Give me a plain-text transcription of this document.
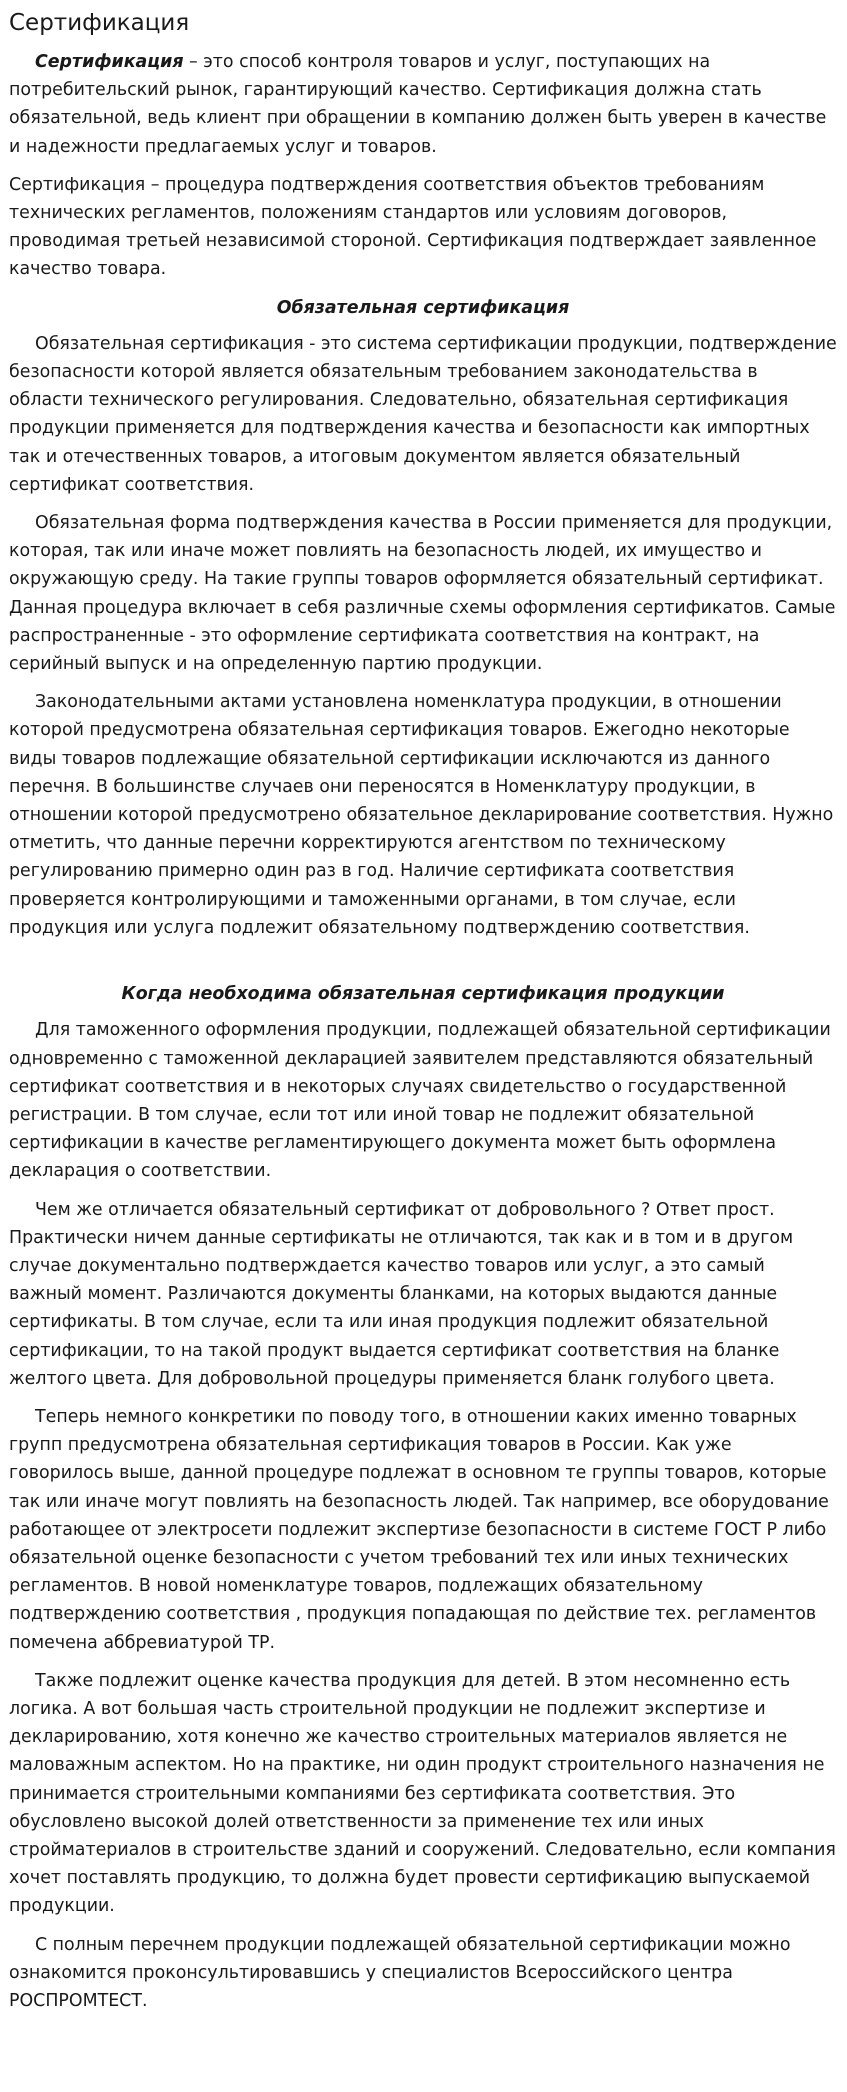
Сертификация

Сертификация – это способ контроля товаров и услуг, поступающих на потребительский рынок, гарантирующий качество. Сертификация должна стать обязательной, ведь клиент при обращении в компанию должен быть уверен в качестве и надежности предлагаемых услуг и товаров.

Сертификация – процедура подтверждения соответствия объектов требованиям технических регламентов, положениям стандартов или условиям договоров, проводимая третьей независимой стороной. Сертификация подтверждает заявленное качество товара.

Обязательная сертификация

Обязательная сертификация - это система сертификации продукции, подтверждение безопасности которой является обязательным требованием законодательства в области технического регулирования. Следовательно, обязательная сертификация продукции применяется для подтверждения качества и безопасности как импортных так и отечественных товаров, а итоговым документом является обязательный сертификат соответствия.

Обязательная форма подтверждения качества в России применяется для продукции, которая, так или иначе может повлиять на безопасность людей, их имущество и окружающую среду. На такие группы товаров оформляется обязательный сертификат. Данная процедура включает в себя различные схемы оформления сертификатов. Самые распространенные - это оформление сертификата соответствия на контракт, на серийный выпуск и на определенную партию продукции.

Законодательными актами установлена номенклатура продукции, в отношении которой предусмотрена обязательная сертификация товаров. Ежегодно некоторые виды товаров подлежащие обязательной сертификации исключаются из данного перечня. В большинстве случаев они переносятся в Номенклатуру продукции, в отношении которой предусмотрено обязательное декларирование соответствия. Нужно отметить, что данные перечни корректируются агентством по техническому регулированию примерно один раз в год. Наличие сертификата соответствия проверяется контролирующими и таможенными органами, в том случае, если продукция или услуга подлежит обязательному подтверждению соответствия.

Когда необходима обязательная сертификация продукции

Для таможенного оформления продукции, подлежащей обязательной сертификации одновременно с таможенной декларацией заявителем представляются обязательный сертификат соответствия и в некоторых случаях свидетельство о государственной регистрации. В том случае, если тот или иной товар не подлежит обязательной сертификации в качестве регламентирующего документа может быть оформлена декларация о соответствии.

Чем же отличается обязательный сертификат от добровольного ? Ответ прост. Практически ничем данные сертификаты не отличаются, так как и в том и в другом случае документально подтверждается качество товаров или услуг, а это самый важный момент. Различаются документы бланками, на которых выдаются данные сертификаты. В том случае, если та или иная продукция подлежит обязательной сертификации, то на такой продукт выдается сертификат соответствия на бланке желтого цвета. Для добровольной процедуры применяется бланк голубого цвета.

Теперь немного конкретики по поводу того, в отношении каких именно товарных групп предусмотрена обязательная сертификация товаров в России. Как уже говорилось выше, данной процедуре подлежат в основном те группы товаров, которые так или иначе могут повлиять на безопасность людей. Так например, все оборудование работающее от электросети подлежит экспертизе безопасности в системе ГОСТ Р либо обязательной оценке безопасности с учетом требований тех или иных технических регламентов. В новой номенклатуре товаров, подлежащих обязательному подтверждению соответствия , продукция попадающая по действие тех. регламентов помечена аббревиатурой ТР.

Также подлежит оценке качества продукция для детей. В этом несомненно есть логика. А вот большая часть строительной продукции не подлежит экспертизе и декларированию, хотя конечно же качество строительных материалов является не маловажным аспектом. Но на практике, ни один продукт строительного назначения не принимается строительными компаниями без сертификата соответствия. Это обусловлено высокой долей ответственности за применение тех или иных стройматериалов в строительстве зданий и сооружений. Следовательно, если компания хочет поставлять продукцию, то должна будет провести сертификацию выпускаемой продукции.

С полным перечнем продукции подлежащей обязательной сертификации можно ознакомится проконсультировавшись у специалистов Всероссийского центра РОСПРОМТЕСТ.
